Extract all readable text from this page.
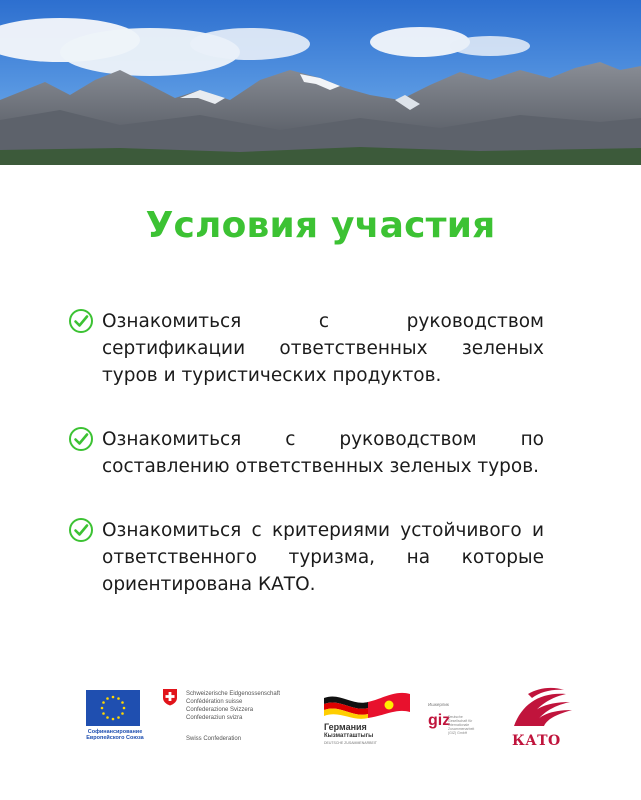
Условия участия
Ознакомиться с руководством сертификации ответственных зеленых туров и туристических продуктов.
Ознакомиться с руководством по составлению ответственных зеленых туров.
Ознакомиться с критериями устойчивого и ответственного туризма, на которые ориентирована КАТО.
Софинансирование Европейского Союза
Schweizerische Eidgenossenschaft
Confédération suisse
Confederazione Svizzera
Confederaziun svizra
Swiss Confederation
Германия
Кызматташтыгы
DEUTSCHE ZUSAMMENARBEIT
Ишкерлик
giz
Deutsche Gesellschaft für Internationale Zusammenarbeit (GIZ) GmbH	КАТО
